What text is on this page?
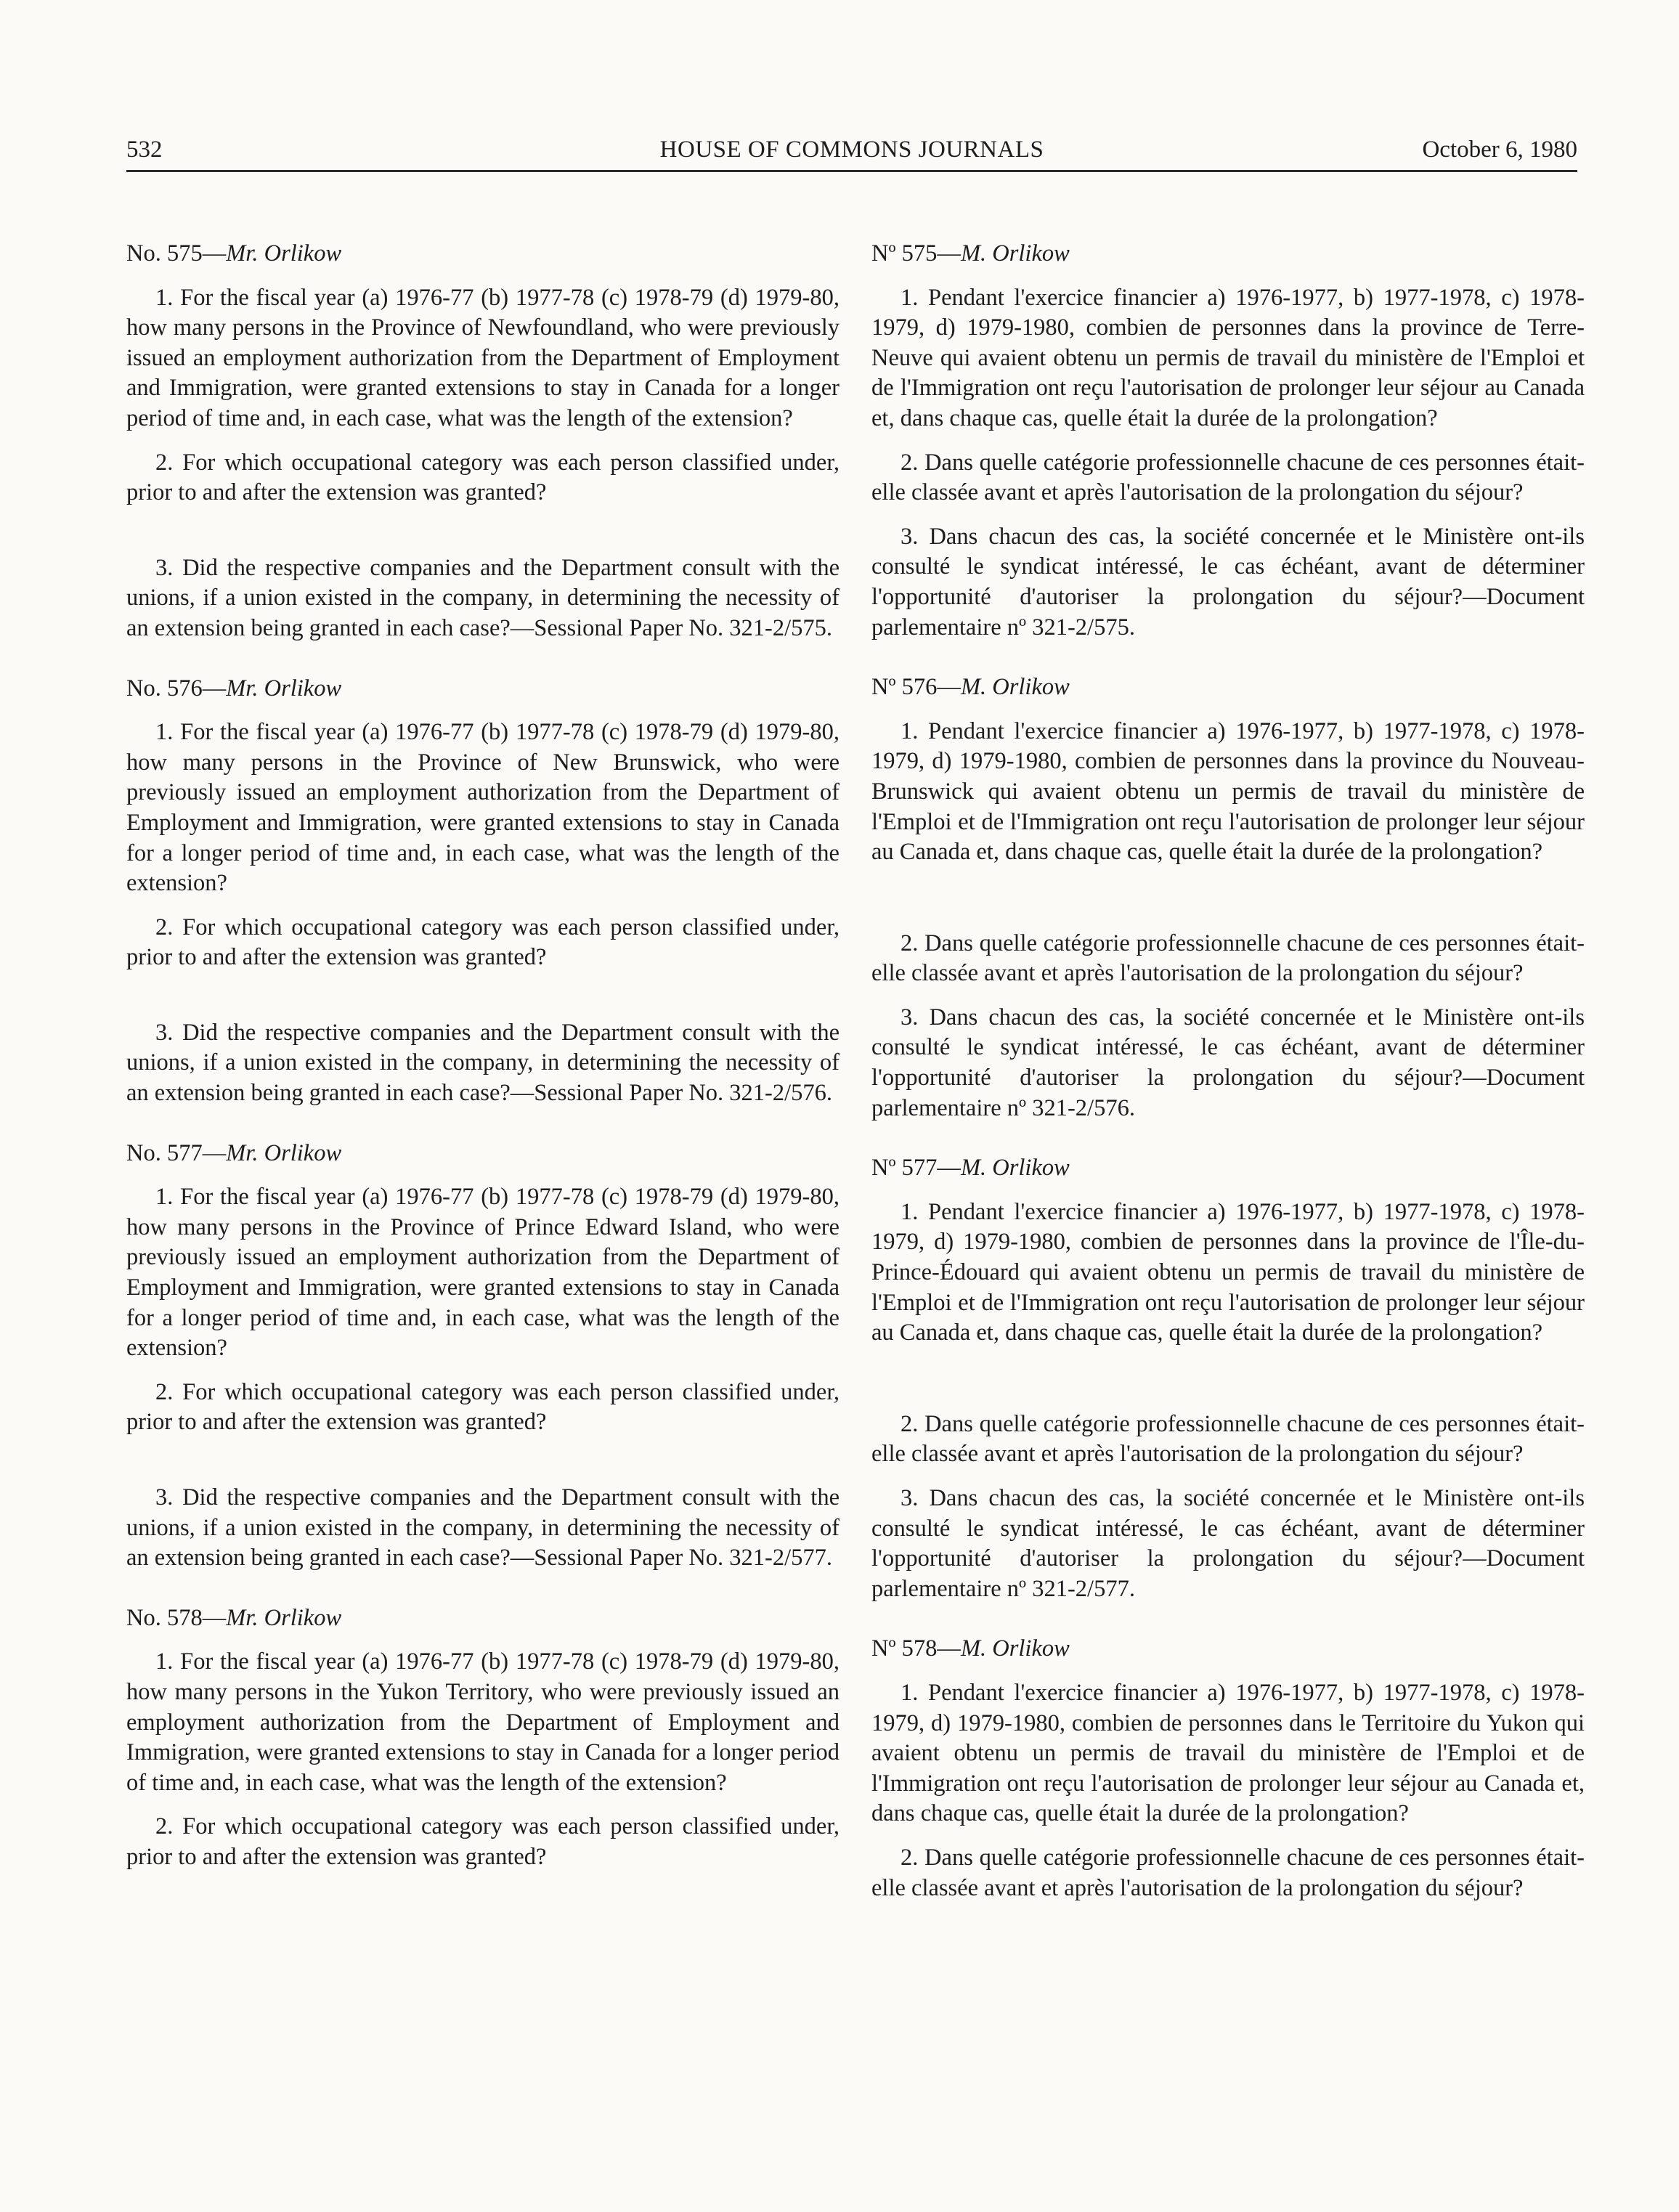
532	HOUSE OF COMMONS JOURNALS	October 6, 1980

No. 575—Mr. Orlikow

1. For the fiscal year (a) 1976-77 (b) 1977-78 (c) 1978-79 (d) 1979-80, how many persons in the Province of Newfoundland, who were previously issued an employment authorization from the Department of Employment and Immigration, were granted extensions to stay in Canada for a longer period of time and, in each case, what was the length of the extension?

2. For which occupational category was each person classified under, prior to and after the extension was granted?

3. Did the respective companies and the Department consult with the unions, if a union existed in the company, in determining the necessity of an extension being granted in each case?—Sessional Paper No. 321-2/575.

No. 576—Mr. Orlikow

1. For the fiscal year (a) 1976-77 (b) 1977-78 (c) 1978-79 (d) 1979-80, how many persons in the Province of New Brunswick, who were previously issued an employment authorization from the Department of Employment and Immigration, were granted extensions to stay in Canada for a longer period of time and, in each case, what was the length of the extension?

2. For which occupational category was each person classified under, prior to and after the extension was granted?

3. Did the respective companies and the Department consult with the unions, if a union existed in the company, in determining the necessity of an extension being granted in each case?—Sessional Paper No. 321-2/576.

No. 577—Mr. Orlikow

1. For the fiscal year (a) 1976-77 (b) 1977-78 (c) 1978-79 (d) 1979-80, how many persons in the Province of Prince Edward Island, who were previously issued an employment authorization from the Department of Employment and Immigration, were granted extensions to stay in Canada for a longer period of time and, in each case, what was the length of the extension?

2. For which occupational category was each person classified under, prior to and after the extension was granted?

3. Did the respective companies and the Department consult with the unions, if a union existed in the company, in determining the necessity of an extension being granted in each case?—Sessional Paper No. 321-2/577.

No. 578—Mr. Orlikow

1. For the fiscal year (a) 1976-77 (b) 1977-78 (c) 1978-79 (d) 1979-80, how many persons in the Yukon Territory, who were previously issued an employment authorization from the Department of Employment and Immigration, were granted extensions to stay in Canada for a longer period of time and, in each case, what was the length of the extension?

2. For which occupational category was each person classified under, prior to and after the extension was granted?

Nº 575—M. Orlikow

1. Pendant l'exercice financier a) 1976-1977, b) 1977-1978, c) 1978-1979, d) 1979-1980, combien de personnes dans la province de Terre-Neuve qui avaient obtenu un permis de travail du ministère de l'Emploi et de l'Immigration ont reçu l'autorisation de prolonger leur séjour au Canada et, dans chaque cas, quelle était la durée de la prolongation?

2. Dans quelle catégorie professionnelle chacune de ces personnes était-elle classée avant et après l'autorisation de la prolongation du séjour?

3. Dans chacun des cas, la société concernée et le Ministère ont-ils consulté le syndicat intéressé, le cas échéant, avant de déterminer l'opportunité d'autoriser la prolongation du séjour?—Document parlementaire nº 321-2/575.

Nº 576—M. Orlikow

1. Pendant l'exercice financier a) 1976-1977, b) 1977-1978, c) 1978-1979, d) 1979-1980, combien de personnes dans la province du Nouveau-Brunswick qui avaient obtenu un permis de travail du ministère de l'Emploi et de l'Immigration ont reçu l'autorisation de prolonger leur séjour au Canada et, dans chaque cas, quelle était la durée de la prolongation?

2. Dans quelle catégorie professionnelle chacune de ces personnes était-elle classée avant et après l'autorisation de la prolongation du séjour?

3. Dans chacun des cas, la société concernée et le Ministère ont-ils consulté le syndicat intéressé, le cas échéant, avant de déterminer l'opportunité d'autoriser la prolongation du séjour?—Document parlementaire nº 321-2/576.

Nº 577—M. Orlikow

1. Pendant l'exercice financier a) 1976-1977, b) 1977-1978, c) 1978-1979, d) 1979-1980, combien de personnes dans la province de l'Île-du-Prince-Édouard qui avaient obtenu un permis de travail du ministère de l'Emploi et de l'Immigration ont reçu l'autorisation de prolonger leur séjour au Canada et, dans chaque cas, quelle était la durée de la prolongation?

2. Dans quelle catégorie professionnelle chacune de ces personnes était-elle classée avant et après l'autorisation de la prolongation du séjour?

3. Dans chacun des cas, la société concernée et le Ministère ont-ils consulté le syndicat intéressé, le cas échéant, avant de déterminer l'opportunité d'autoriser la prolongation du séjour?—Document parlementaire nº 321-2/577.

Nº 578—M. Orlikow

1. Pendant l'exercice financier a) 1976-1977, b) 1977-1978, c) 1978-1979, d) 1979-1980, combien de personnes dans le Territoire du Yukon qui avaient obtenu un permis de travail du ministère de l'Emploi et de l'Immigration ont reçu l'autorisation de prolonger leur séjour au Canada et, dans chaque cas, quelle était la durée de la prolongation?

2. Dans quelle catégorie professionnelle chacune de ces personnes était-elle classée avant et après l'autorisation de la prolongation du séjour?
